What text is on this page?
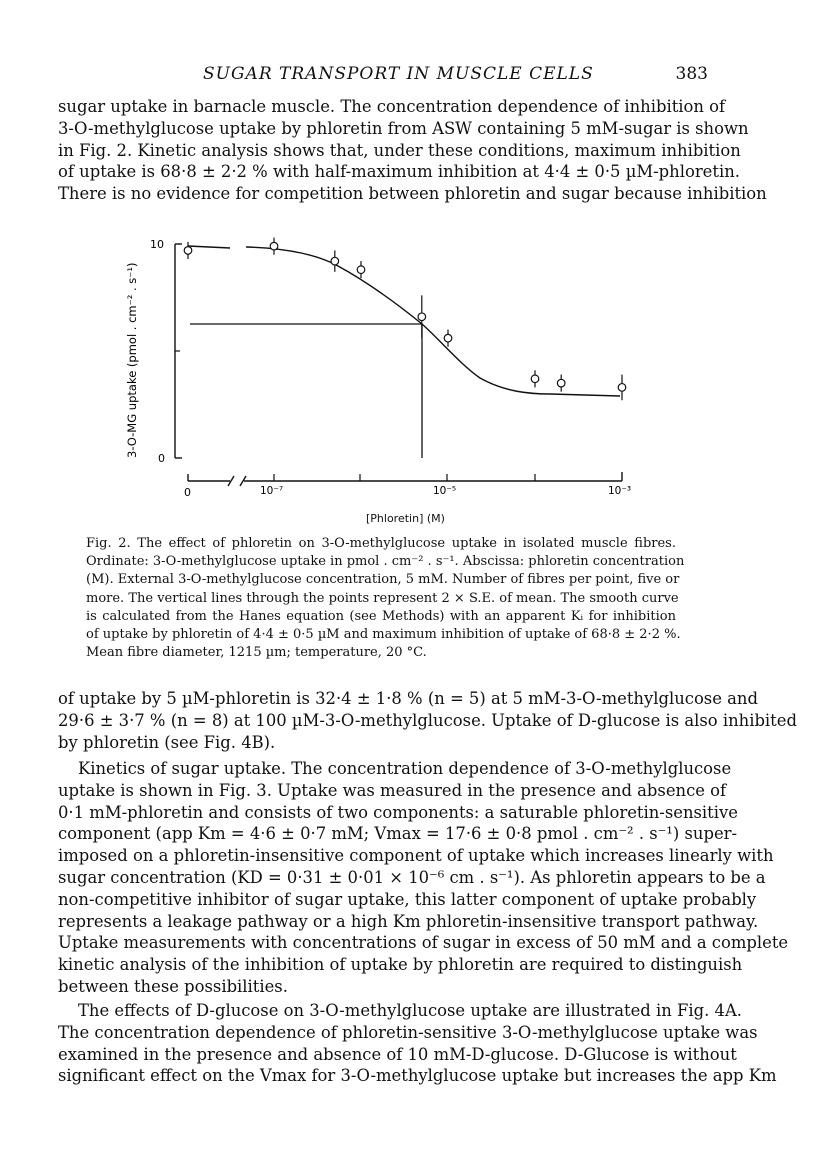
SUGAR TRANSPORT IN MUSCLE CELLS	383

sugar uptake in barnacle muscle. The concentration dependence of inhibition of
3-O-methylglucose uptake by phloretin from ASW containing 5 mM-sugar is shown
in Fig. 2. Kinetic analysis shows that, under these conditions, maximum inhibition
of uptake is 68·8 ± 2·2 % with half-maximum inhibition at 4·4 ± 0·5 µM-phloretin.
There is no evidence for competition between phloretin and sugar because inhibition

10
0
3-O-MG uptake (pmol . cm⁻² . s⁻¹)
0	10⁻⁷	10⁻⁵	10⁻³
[Phloretin] (M)
Fig. 2. The effect of phloretin on 3-O-methylglucose uptake in isolated muscle fibres.
Ordinate: 3-O-methylglucose uptake in pmol . cm⁻² . s⁻¹. Abscissa: phloretin concentration
(M). External 3-O-methylglucose concentration, 5 mM. Number of fibres per point, five or
more. The vertical lines through the points represent 2 × S.E. of mean. The smooth curve
is calculated from the Hanes equation (see Methods) with an apparent Kᵢ for inhibition
of uptake by phloretin of 4·4 ± 0·5 µM and maximum inhibition of uptake of 68·8 ± 2·2 %.
Mean fibre diameter, 1215 µm; temperature, 20 °C.
of uptake by 5 µM-phloretin is 32·4 ± 1·8 % (n = 5) at 5 mM-3-O-methylglucose and
29·6 ± 3·7 % (n = 8) at 100 µM-3-O-methylglucose. Uptake of D-glucose is also inhibited
by phloretin (see Fig. 4B).
Kinetics of sugar uptake. The concentration dependence of 3-O-methylglucose
uptake is shown in Fig. 3. Uptake was measured in the presence and absence of
0·1 mM-phloretin and consists of two components: a saturable phloretin-sensitive
component (app Km = 4·6 ± 0·7 mM; Vmax = 17·6 ± 0·8 pmol . cm⁻² . s⁻¹) super-
imposed on a phloretin-insensitive component of uptake which increases linearly with
sugar concentration (KD = 0·31 ± 0·01 × 10⁻⁶ cm . s⁻¹). As phloretin appears to be a
non-competitive inhibitor of sugar uptake, this latter component of uptake probably
represents a leakage pathway or a high Km phloretin-insensitive transport pathway.
Uptake measurements with concentrations of sugar in excess of 50 mM and a complete
kinetic analysis of the inhibition of uptake by phloretin are required to distinguish
between these possibilities.
The effects of D-glucose on 3-O-methylglucose uptake are illustrated in Fig. 4A.
The concentration dependence of phloretin-sensitive 3-O-methylglucose uptake was
examined in the presence and absence of 10 mM-D-glucose. D-Glucose is without
significant effect on the Vmax for 3-O-methylglucose uptake but increases the app Km
